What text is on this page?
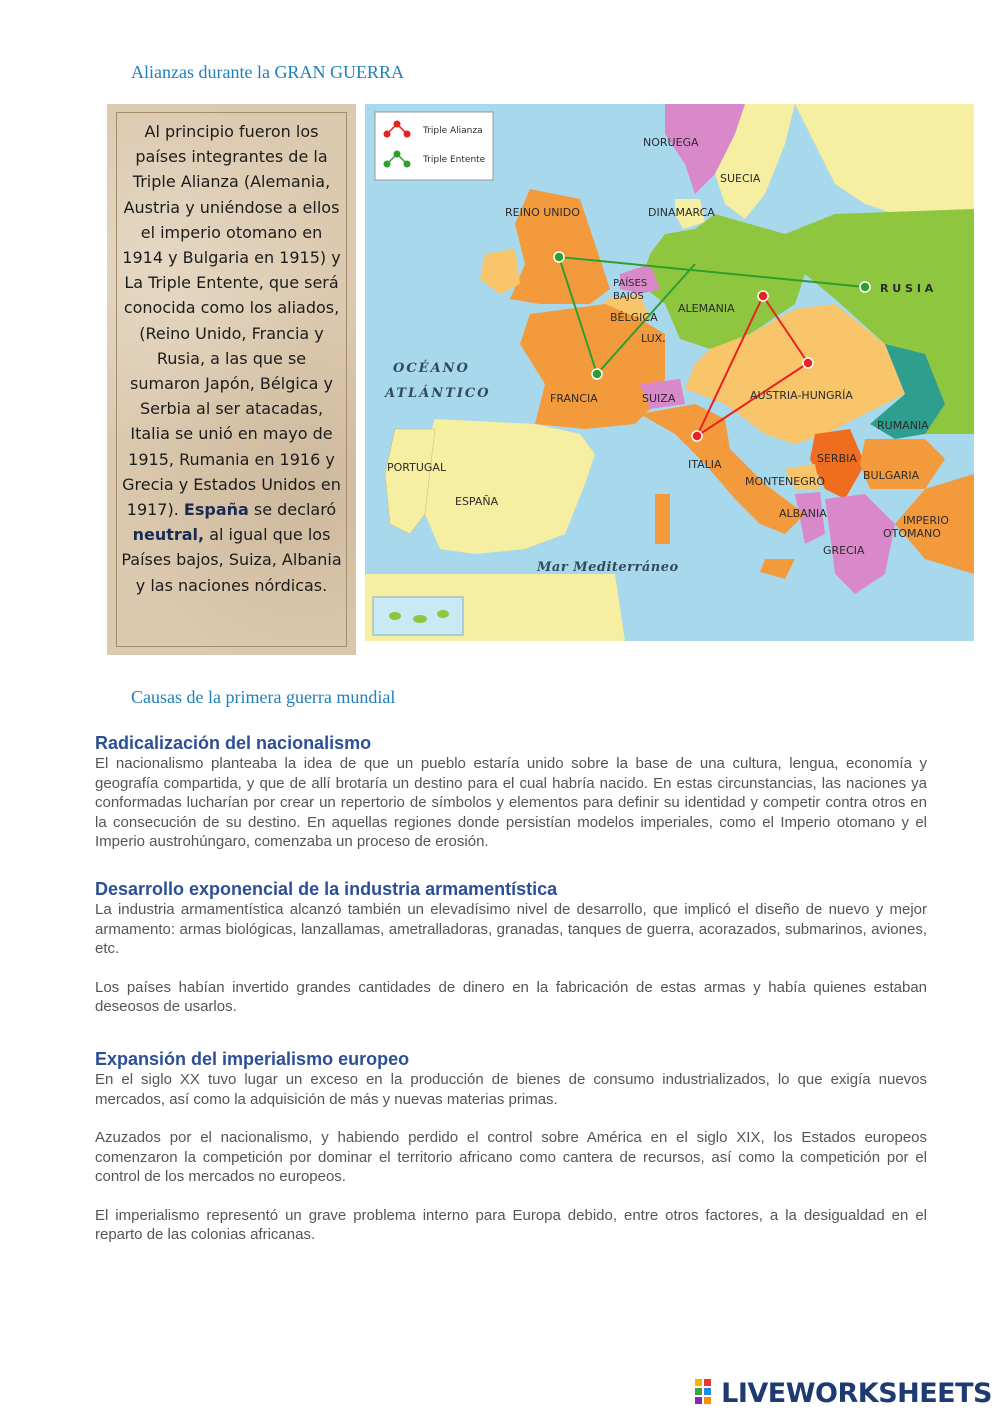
Alianzas durante la GRAN GUERRA

Al principio fueron los países integrantes de la Triple Alianza (Alemania, Austria y uniéndose a ellos el imperio otomano en 1914 y Bulgaria en 1915) y La Triple Entente, que será conocida como los aliados, (Reino Unido, Francia y Rusia, a las que se sumaron Japón, Bélgica y Serbia al ser atacadas, Italia se unió en mayo de 1915, Rumania en 1916 y Grecia y Estados Unidos en 1917). España se declaró neutral, al igual que los Países bajos, Suiza, Albania y las naciones nórdicas.

Triple Alianza
Triple Entente
NORUEGA
SUECIA
DINAMARCA
REINO UNIDO
PAÍSES
BAJOS
BÉLGICA
LUX.
ALEMANIA
R U S I A
OCÉANO
ATLÁNTICO	FRANCIA	SUIZA	AUSTRIA-HUNGRÍA
RUMANIA
PORTUGAL
ESPAÑA
ITALIA	SERBIA
BULGARIA
MONTENEGRO
ALBANIA
IMPERIO
OTOMANO
GRECIA
Mar Mediterráneo
Causas de la primera guerra mundial
Radicalización del nacionalismo

El nacionalismo planteaba la idea de que un pueblo estaría unido sobre la base de una cultura, lengua, economía y geografía compartida, y que de allí brotaría un destino para el cual habría nacido. En estas circunstancias, las naciones ya conformadas lucharían por crear un repertorio de símbolos y elementos para definir su identidad y competir contra otros en la consecución de su destino. En aquellas regiones donde persistían modelos imperiales, como el Imperio otomano y el Imperio austrohúngaro, comenzaba un proceso de erosión.

Desarrollo exponencial de la industria armamentística

La industria armamentística alcanzó también un elevadísimo nivel de desarrollo, que implicó el diseño de nuevo y mejor armamento: armas biológicas, lanzallamas, ametralladoras, granadas, tanques de guerra, acorazados, submarinos, aviones, etc.

Los países habían invertido grandes cantidades de dinero en la fabricación de estas armas y había quienes estaban deseosos de usarlos.

Expansión del imperialismo europeo

En el siglo XX tuvo lugar un exceso en la producción de bienes de consumo industrializados, lo que exigía nuevos mercados, así como la adquisición de más y nuevas materias primas.

Azuzados por el nacionalismo, y habiendo perdido el control sobre América en el siglo XIX, los Estados europeos comenzaron la competición por dominar el territorio africano como cantera de recursos, así como la competición por el control de los mercados no europeos.

El imperialismo representó un grave problema interno para Europa debido, entre otros factores, a la desigualdad en el reparto de las colonias africanas.

LIVEWORKSHEETS
